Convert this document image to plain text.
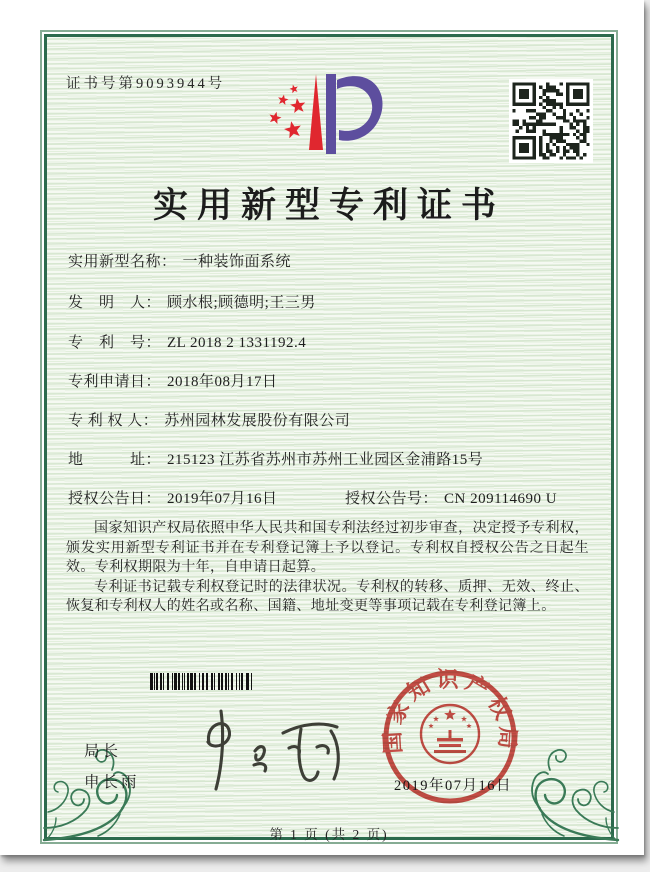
证书号第9093944号
实用新型专利证书
实用新型名称： 一种装饰面系统
发　明　人： 顾水根;顾德明;王三男
专　利　号： ZL 2018 2 1331192.4
专利申请日： 2018年08月17日
专 利 权 人： 苏州园林发展股份有限公司
地　　　址： 215123 江苏省苏州市苏州工业园区金浦路15号
授权公告日： 2019年07月16日	授权公告号： CN 209114690 U

国家知识产权局依照中华人民共和国专利法经过初步审查，决定授予专利权，颁发实用新型专利证书并在专利登记簿上予以登记。专利权自授权公告之日起生效。专利权期限为十年，自申请日起算。

专利证书记载专利权登记时的法律状况。专利权的转移、质押、无效、终止、恢复和专利权人的姓名或名称、国籍、地址变更等事项记载在专利登记簿上。

局长
申长雨
国家知识产权局
2019年07月16日
第 1 页 (共 2 页)
